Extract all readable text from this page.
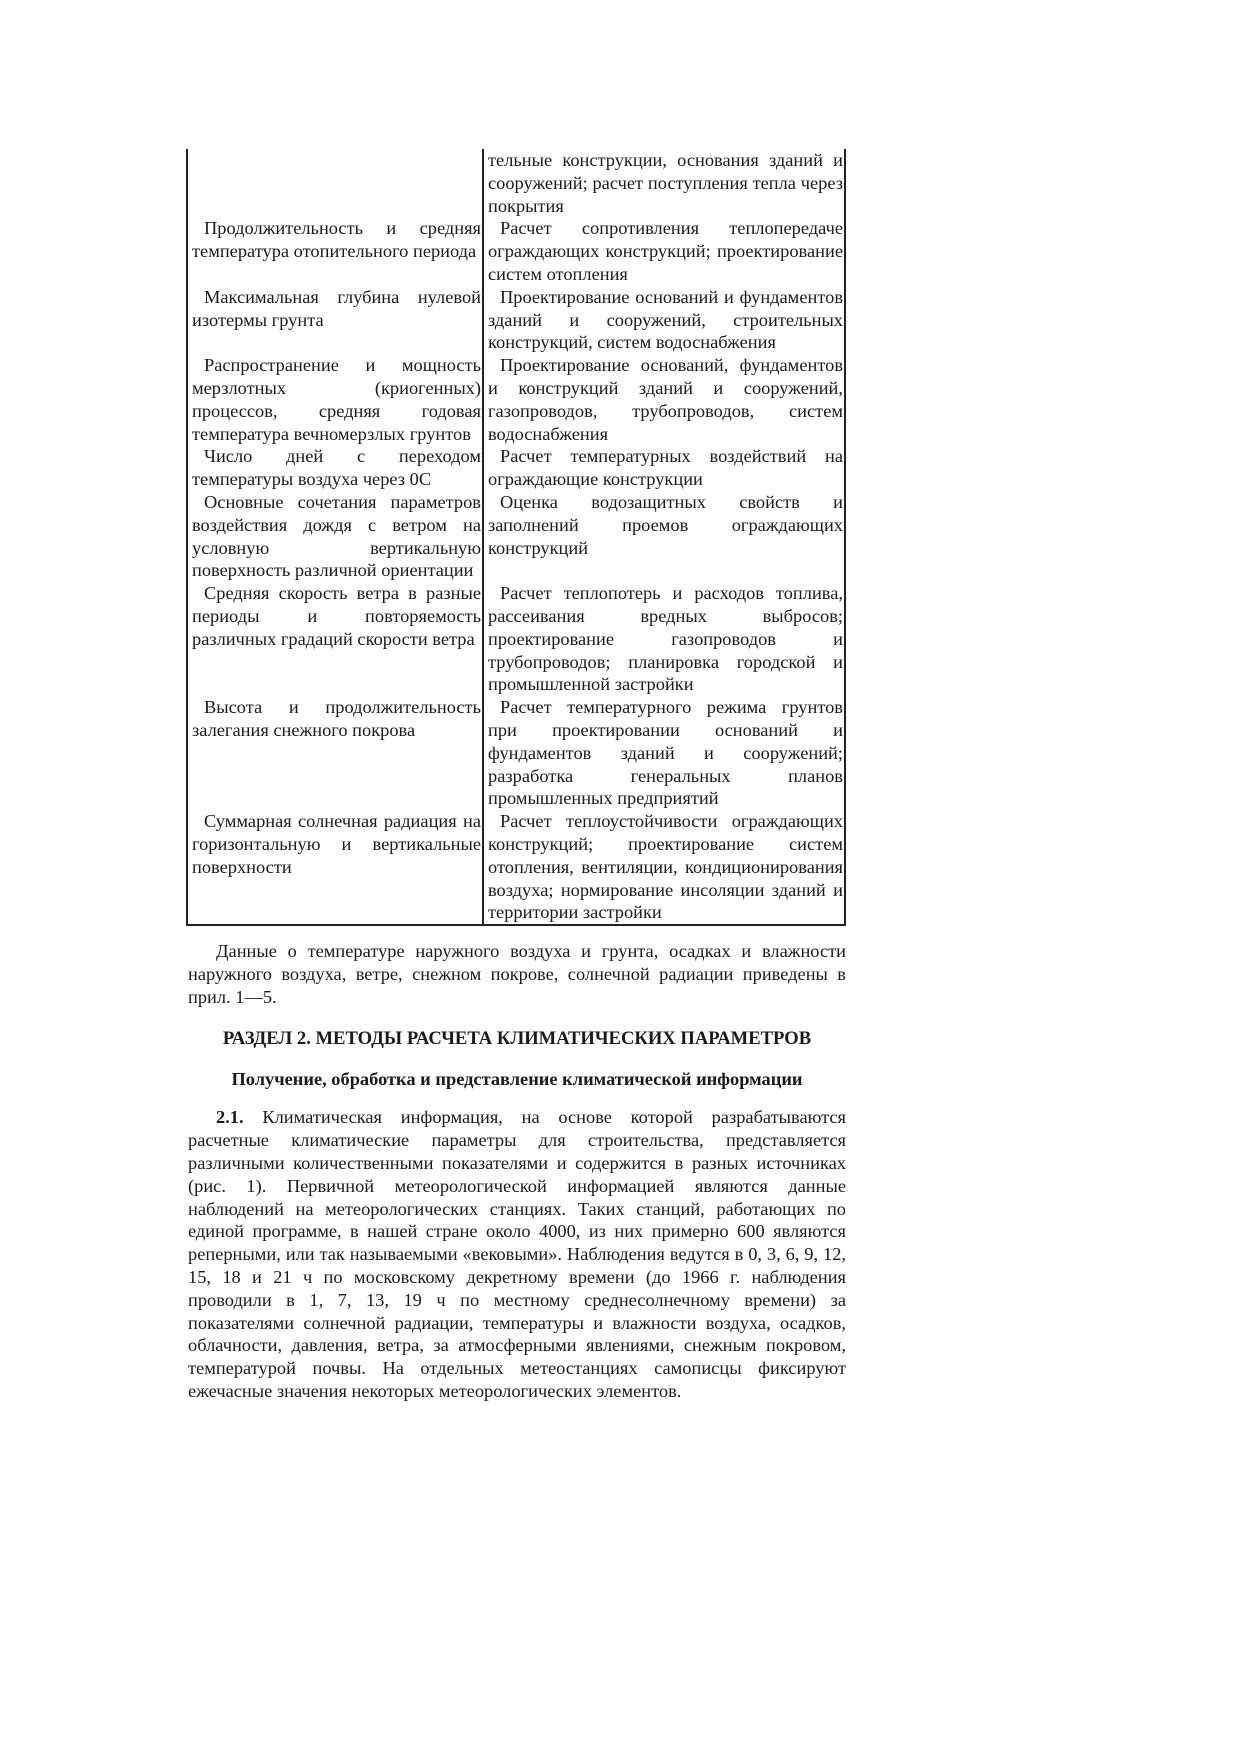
	тельные конструкции, основания зданий и сооружений; расчет поступления тепла через покрытия

Продолжительность и средняя температура отопительного периода	Расчет сопротивления теплопередаче ограждающих конструкций; проектирование систем отопления

Максимальная глубина нулевой изотермы грунта	Проектирование оснований и фундаментов зданий и сооружений, строительных конструкций, систем водоснабжения

Распространение и мощность мерзлотных (криогенных) процессов, средняя годовая температура вечномерзлых грунтов	Проектирование оснований, фундаментов и конструкций зданий и сооружений, газопроводов, трубопроводов, систем водоснабжения

Число дней с переходом температуры воздуха через 0С	Расчет температурных воздействий на ограждающие конструкции

Основные сочетания параметров воздействия дождя с ветром на условную вертикальную поверхность различной ориентации	Оценка водозащитных свойств и заполнений проемов ограждающих конструкций

Средняя скорость ветра в разные периоды и повторяемость различных градаций скорости ветра	Расчет теплопотерь и расходов топлива, рассеивания вредных выбросов; проектирование газопроводов и трубопроводов; планировка городской и промышленной застройки

Высота и продолжительность залегания снежного покрова	Расчет температурного режима грунтов при проектировании оснований и фундаментов зданий и сооружений; разработка генеральных планов промышленных предприятий

Суммарная солнечная радиация на горизонтальную и вертикальные поверхности	Расчет теплоустойчивости ограждающих конструкций; проектирование систем отопления, вентиляции, кондиционирования воздуха; нормирование инсоляции зданий и территории застройки

Данные о температуре наружного воздуха и грунта, осадках и влажности наружного воздуха, ветре, снежном покрове, солнечной радиации приведены в прил. 1—5.

РАЗДЕЛ 2. МЕТОДЫ РАСЧЕТА КЛИМАТИЧЕСКИХ ПАРАМЕТРОВ
Получение, обработка и представление климатической информации

2.1. Климатическая информация, на основе которой разрабатываются расчетные климатические параметры для строительства, представляется различными количественными показателями и содержится в разных источниках (рис. 1). Первичной метеорологической информацией являются данные наблюдений на метеорологических станциях. Таких станций, работающих по единой программе, в нашей стране около 4000, из них примерно 600 являются реперными, или так называемыми «вековыми». Наблюдения ведутся в 0, 3, 6, 9, 12, 15, 18 и 21 ч по московскому декретному времени (до 1966 г. наблюдения проводили в 1, 7, 13, 19 ч по местному среднесолнечному времени) за показателями солнечной радиации, температуры и влажности воздуха, осадков, облачности, давления, ветра, за атмосферными явлениями, снежным покровом, температурой почвы. На отдельных метеостанциях самописцы фиксируют ежечасные значения некоторых метеорологических элементов.
